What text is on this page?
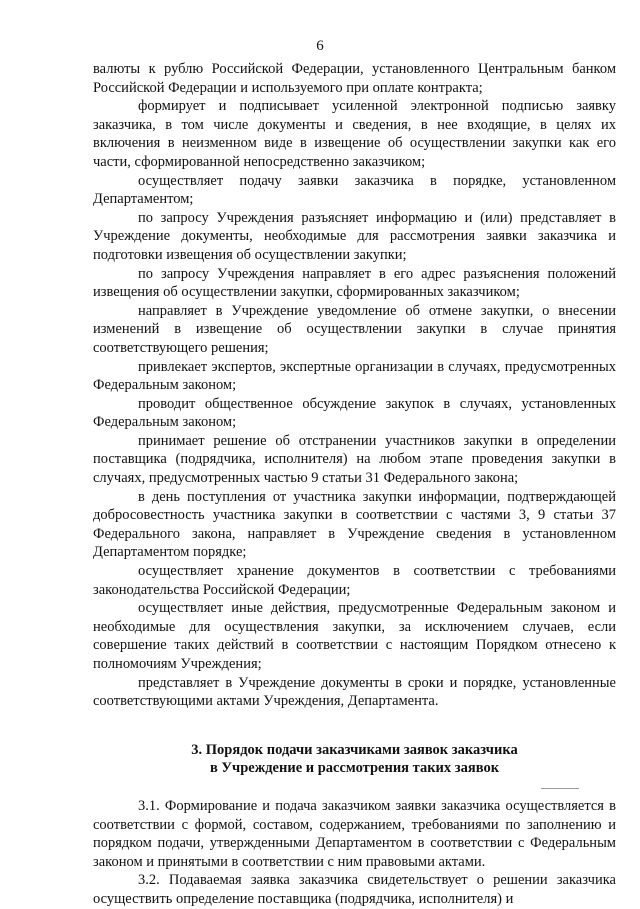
6

валюты к рублю Российской Федерации, установленного Центральным банком Российской Федерации и используемого при оплате контракта;

формирует и подписывает усиленной электронной подписью заявку заказчика, в том числе документы и сведения, в нее входящие, в целях их включения в неизменном виде в извещение об осуществлении закупки как его части, сформированной непосредственно заказчиком;

осуществляет подачу заявки заказчика в порядке, установленном Департаментом;

по запросу Учреждения разъясняет информацию и (или) представляет в Учреждение документы, необходимые для рассмотрения заявки заказчика и подготовки извещения об осуществлении закупки;

по запросу Учреждения направляет в его адрес разъяснения положений извещения об осуществлении закупки, сформированных заказчиком;

направляет в Учреждение уведомление об отмене закупки, о внесении изменений в извещение об осуществлении закупки в случае принятия соответствующего решения;

привлекает экспертов, экспертные организации в случаях, предусмотренных Федеральным законом;

проводит общественное обсуждение закупок в случаях, установленных Федеральным законом;

принимает решение об отстранении участников закупки в определении поставщика (подрядчика, исполнителя) на любом этапе проведения закупки в случаях, предусмотренных частью 9 статьи 31 Федерального закона;

в день поступления от участника закупки информации, подтверждающей добросовестность участника закупки в соответствии с частями 3, 9 статьи 37 Федерального закона, направляет в Учреждение сведения в установленном Департаментом порядке;

осуществляет хранение документов в соответствии с требованиями законодательства Российской Федерации;

осуществляет иные действия, предусмотренные Федеральным законом и необходимые для осуществления закупки, за исключением случаев, если совершение таких действий в соответствии с настоящим Порядком отнесено к полномочиям Учреждения;

представляет в Учреждение документы в сроки и порядке, установленные соответствующими актами Учреждения, Департамента.

3. Порядок подачи заказчиками заявок заказчика
в Учреждение и рассмотрения таких заявок

3.1. Формирование и подача заказчиком заявки заказчика осуществляется в соответствии с формой, составом, содержанием, требованиями по заполнению и порядком подачи, утвержденными Департаментом в соответствии с Федеральным законом и принятыми в соответствии с ним правовыми актами.

3.2. Подаваемая заявка заказчика свидетельствует о решении заказчика осуществить определение поставщика (подрядчика, исполнителя) и
